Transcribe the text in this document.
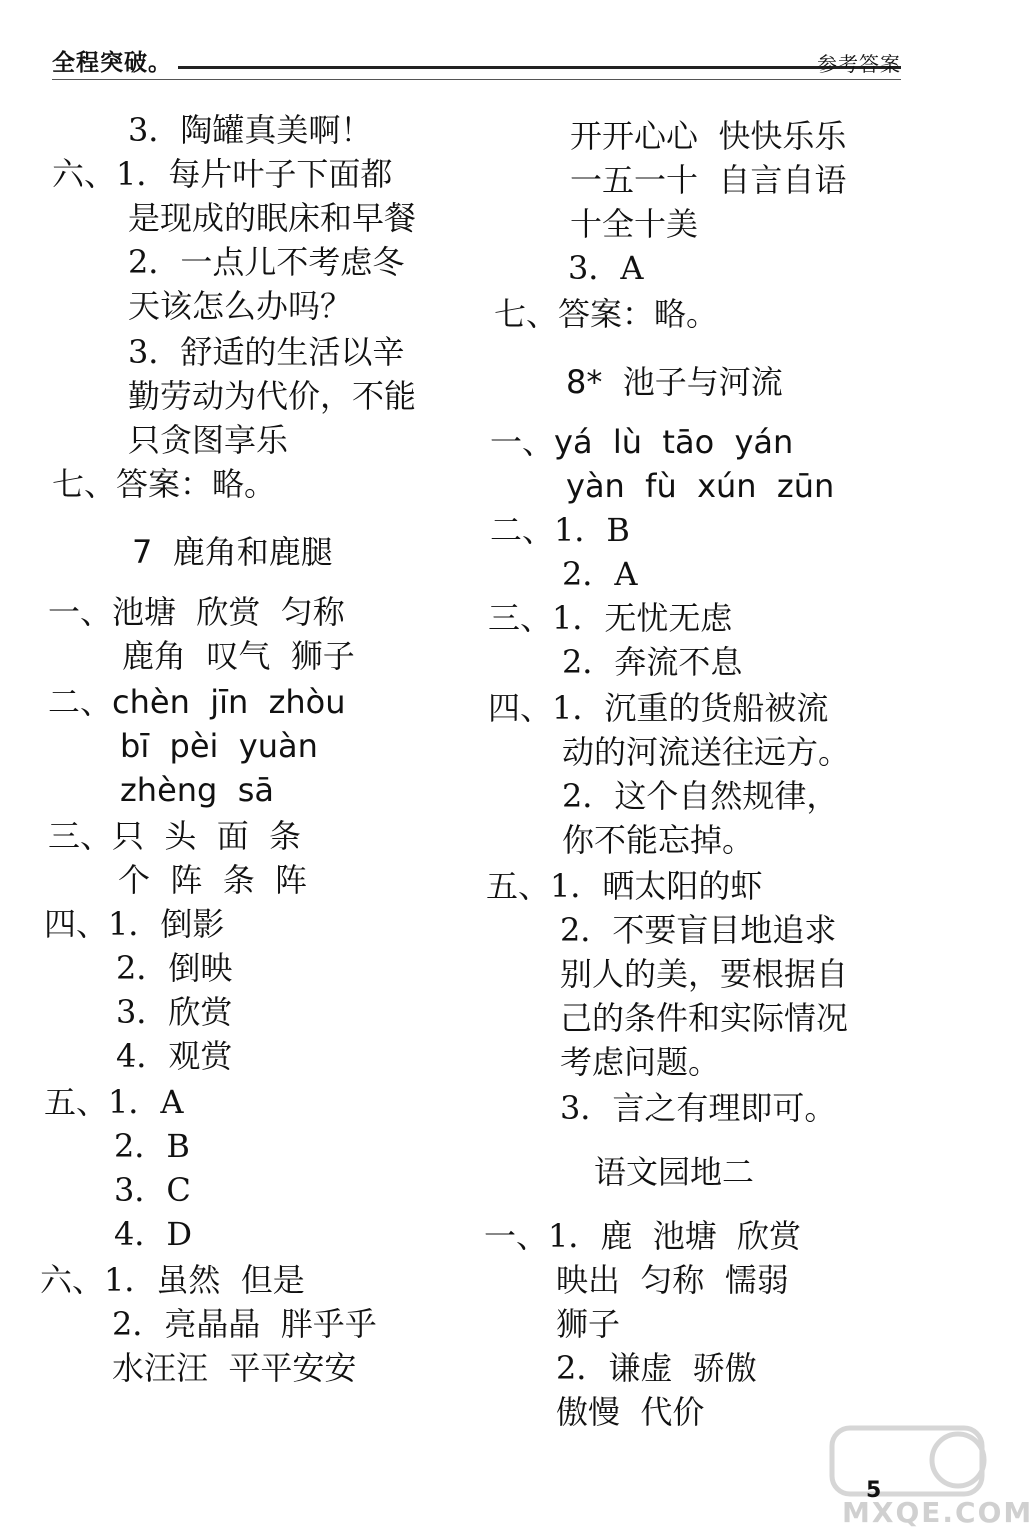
全程突破。	参考答案
3．陶罐真美啊！
六、1．每片叶子下面都
是现成的眠床和早餐
2．一点儿不考虑冬
天该怎么办吗？
3．舒适的生活以辛
勤劳动为代价，不能
只贪图享乐
七、答案：略。
7  鹿角和鹿腿
一、池塘  欣赏  匀称
鹿角  叹气  狮子
二、chèn  jīn  zhòu
bī  pèi  yuàn
zhèng  sā
三、只  头  面  条
个  阵  条  阵
四、1．倒影
2．倒映
3．欣赏
4．观赏
五、1．A
2．B
3．C
4．D
六、1．虽然  但是
2．亮晶晶  胖乎乎
水汪汪  平平安安
开开心心  快快乐乐
一五一十  自言自语
十全十美
3．A
七、答案：略。
8*  池子与河流
一、yá  lù  tāo  yán
yàn  fù  xún  zūn
二、1．B
2．A
三、1．无忧无虑
2．奔流不息
四、1．沉重的货船被流
动的河流送往远方。
2．这个自然规律，
你不能忘掉。
五、1．晒太阳的虾
2．不要盲目地追求
别人的美，要根据自
己的条件和实际情况
考虑问题。
3．言之有理即可。
语文园地二
一、1．鹿  池塘  欣赏
映出  匀称  懦弱
狮子
2．谦虚  骄傲
傲慢  代价
MXQE.COM
5
